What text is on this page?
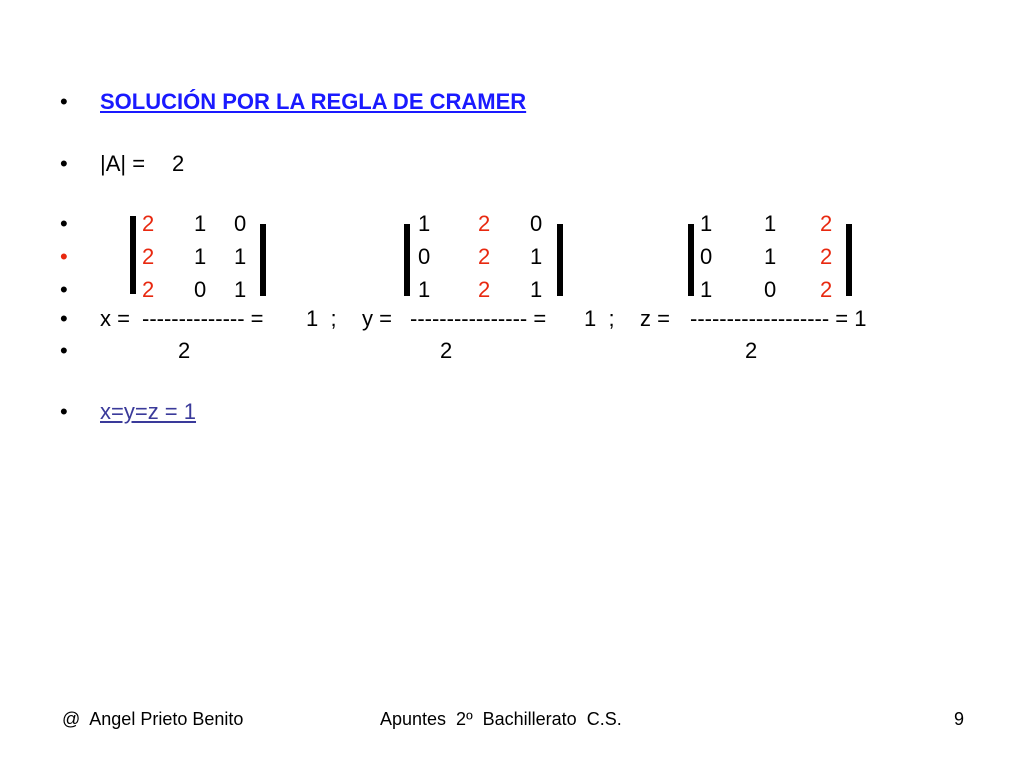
•
•
•
•
•
•
•
•
SOLUCIÓN POR LA REGLA DE CRAMER
|A| = 2
2 1 0
2 1 1
2 0 1
1 2 0
0 2 1
1 2 1
1 1 2
0 1 2
1 0 2
x = -------------- = 1  ; y = ---------------- = 1  ; z = ------------------- = 1
2	2	2
x=y=z = 1
@  Angel Prieto Benito	Apuntes  2º  Bachillerato  C.S.	9
